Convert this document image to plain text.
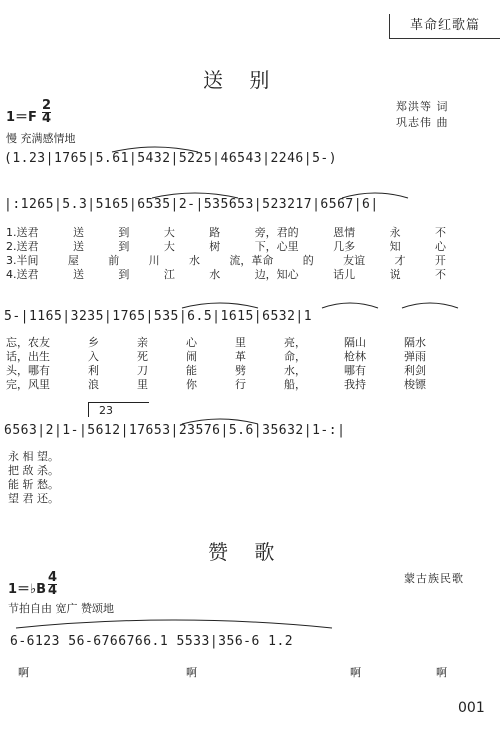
革命红歌篇
送 别
1＝F
2
4
郑洪等 词
巩志伟 曲
慢 充满感情地
(1.23|1765|5.61|5432|5225|46543|2246|5-)
|:1265|5.3|5165|6535|2-|535653|523217|6567|6|
1.送君	送	到	大	路	旁，君的	恩情	永	不
2.送君	送	到	大	树	下，心里	几多	知	心
3.半间	屋	前	川	水	流，革命	的	友谊	才	开
4.送君	送	到	江	水	边，知心	话儿	说	不
5-|1165|3235|1765|535|6.5|1615|6532|1
忘，农友	乡	亲	心	里	亮，	隔山	隔水
话，出生	入	死	闹	革	命，	枪林	弹雨
头，哪有	利	刀	能	劈	水，	哪有	利剑
完，风里	浪	里	你	行	船，	我持	梭镖
23
6563|2|1-|5612|17653|23576|5.6|35632|1-:|
永 相 望。
把 敌 杀。
能 斩 愁。
望 君 还。
赞 歌
1＝♭B
4
4
蒙古族民歌
节拍自由 宽广 赞颂地
6-6123 56-6766766.1 5533|356-6 1.2
啊	啊	啊	啊
001
